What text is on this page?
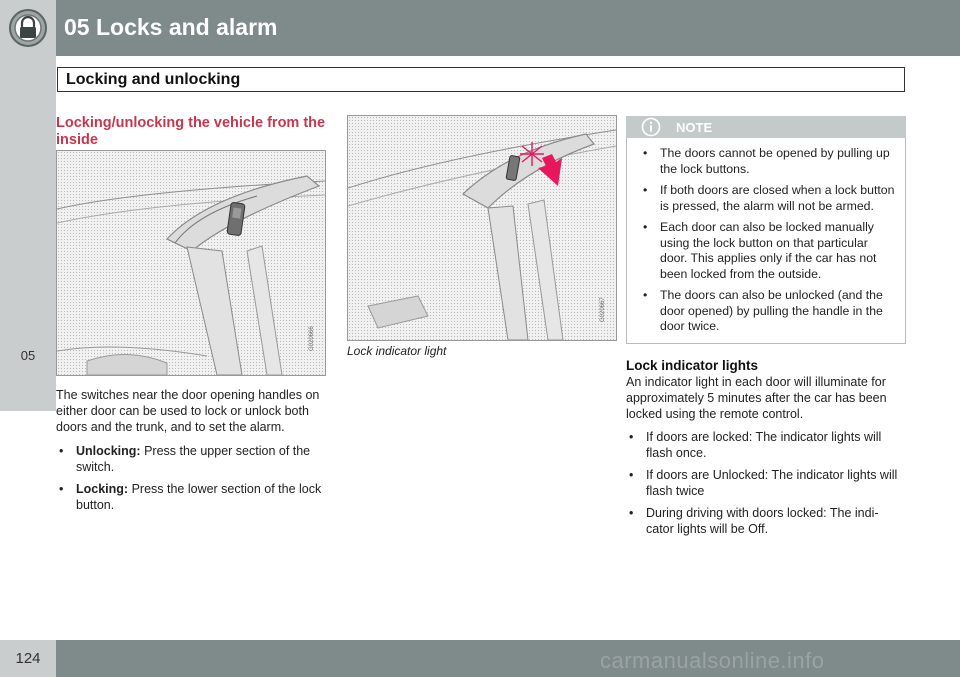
05 Locks and alarm
05
Locking and unlocking
Locking/unlocking the vehicle from the inside
G020666
The switches near the door opening handles on either door can be used to lock or unlock both doors and the trunk, and to set the alarm.
• Unlocking: Press the upper section of the switch.
• Locking: Press the lower section of the lock button.
G020667
Lock indicator light
NOTE
• The doors cannot be opened by pulling up the lock buttons.
• If both doors are closed when a lock button is pressed, the alarm will not be armed.
• Each door can also be locked manually using the lock button on that particular door. This applies only if the car has not been locked from the outside.
• The doors can also be unlocked (and the door opened) by pulling the handle in the door twice.
Lock indicator lights
An indicator light in each door will illuminate for approximately 5 minutes after the car has been locked using the remote control.
• If doors are locked: The indicator lights will flash once.
• If doors are Unlocked: The indicator lights will flash twice
• During driving with doors locked: The indi-cator lights will be Off.
124	carmanualsonline.info
